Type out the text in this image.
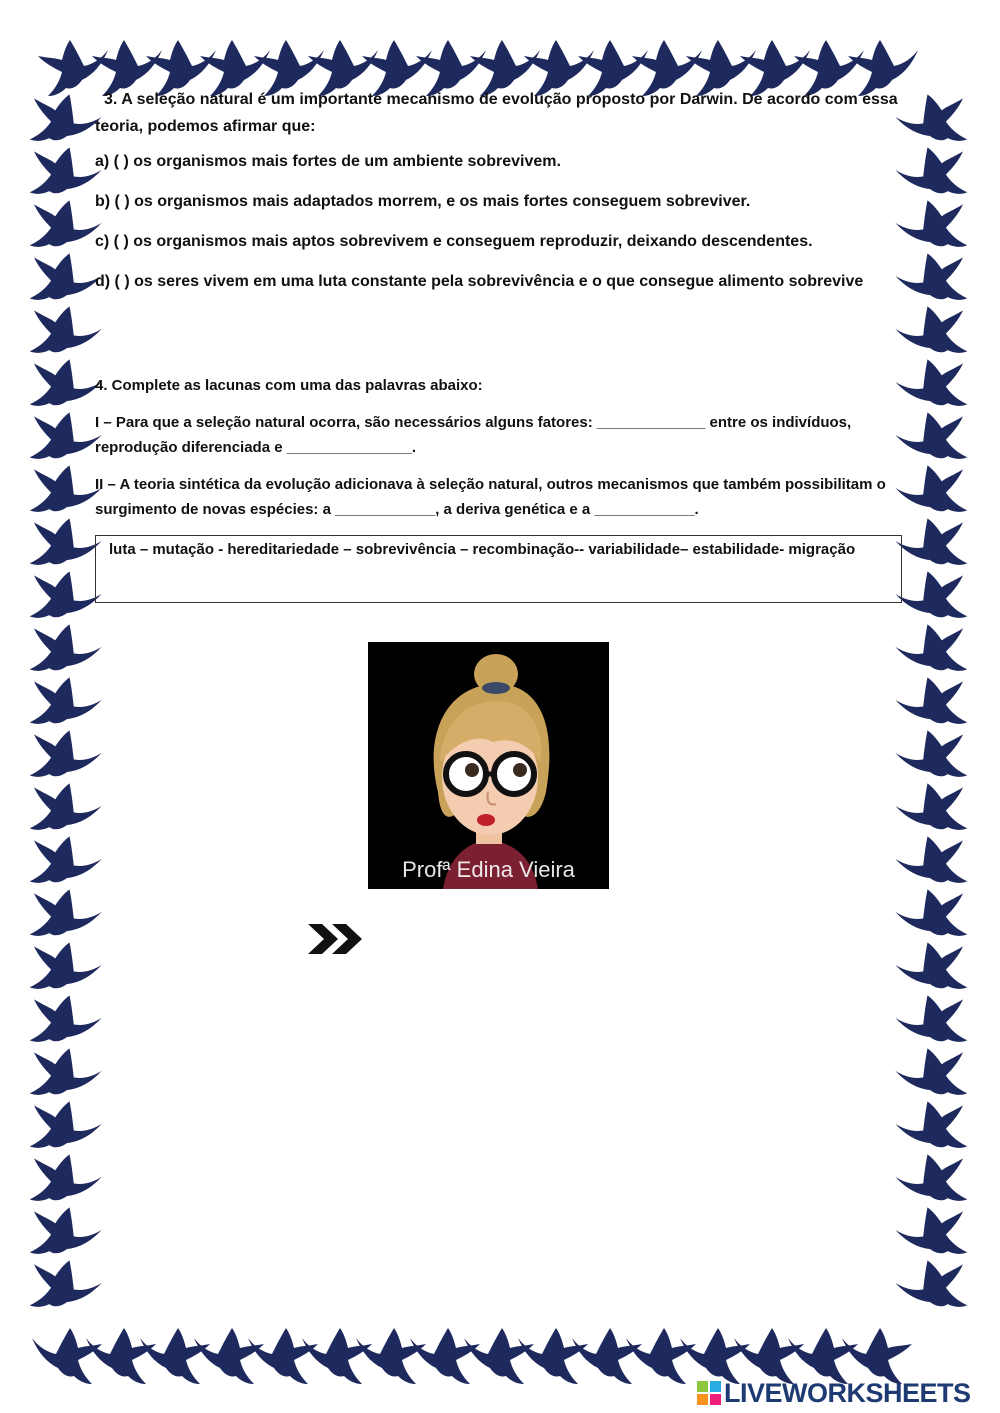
3. A seleção natural é um importante mecanismo de evolução proposto por Darwin. De acordo com essa teoria, podemos afirmar que:

a) ( ) os organismos mais fortes de um ambiente sobrevivem.

b) ( ) os organismos mais adaptados morrem, e os mais fortes conseguem sobreviver.

c) ( ) os organismos mais aptos sobrevivem e conseguem reproduzir, deixando descendentes.

d) ( ) os seres vivem em uma luta constante pela sobrevivência e o que consegue alimento sobrevive

4. Complete as lacunas com uma das palavras abaixo:

I – Para que a seleção natural ocorra, são necessários alguns fatores: _____________ entre os indivíduos, reprodução diferenciada e _______________.

II – A teoria sintética da evolução adicionava à seleção natural, outros mecanismos que também possibilitam o surgimento de novas espécies: a ____________, a deriva genética e a ____________.

luta – mutação - hereditariedade – sobrevivência – recombinação-- variabilidade– estabilidade- migração
Profª Edina Vieira
LIVEWORKSHEETS
